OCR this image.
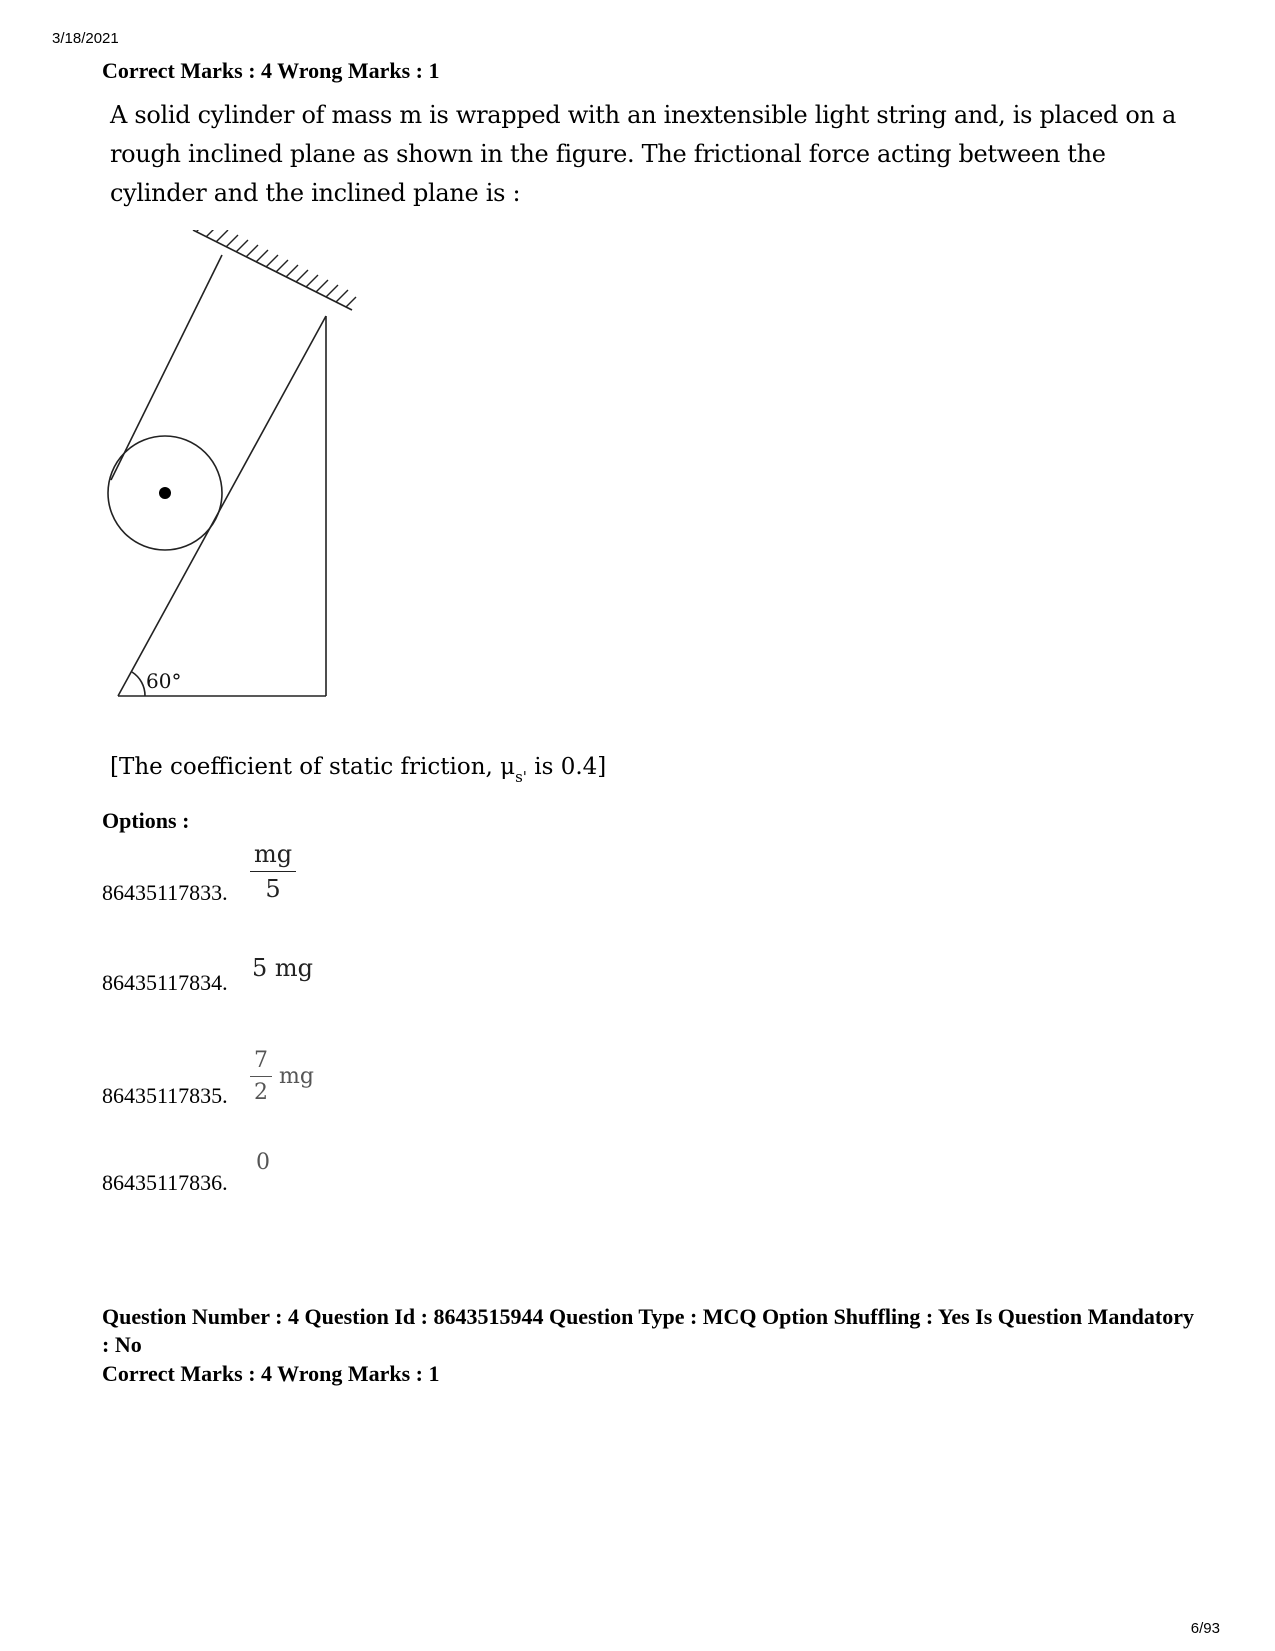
3/18/2021
Correct Marks : 4 Wrong Marks : 1
A solid cylinder of mass m is wrapped with an inextensible light string and, is placed on a rough inclined plane as shown in the figure. The frictional force acting between the cylinder and the inclined plane is :
60°
[The coefficient of static friction, $\mu_{s'}$ is 0.4]
Options :
86435117833. $\frac{mg}{5}$
86435117834.
5 mg
86435117835. $\frac{7}{2}$ mg
86435117836.
0
Question Number : 4 Question Id : 8643515944 Question Type : MCQ Option Shuffling : Yes Is Question Mandatory : No
Correct Marks : 4 Wrong Marks : 1
6/93
